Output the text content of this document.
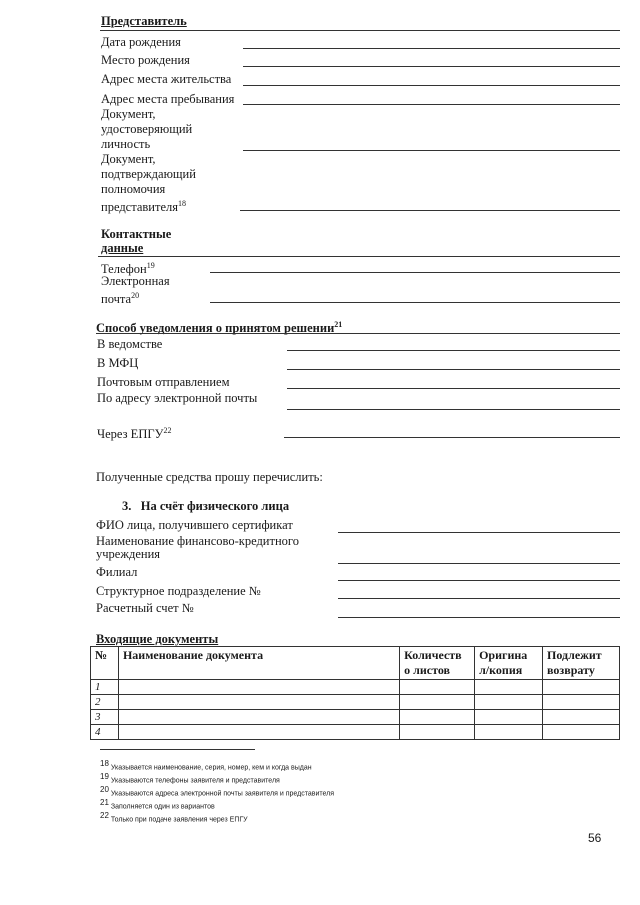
Представитель
Дата рождения
Место рождения
Адрес места жительства
Адрес места пребывания
Документ,
удостоверяющий
личность
Документ,
подтверждающий
полномочия
представителя$^{18}$
Контактные
данные
Телефон$^{19}$
Электронная
почта$^{20}$
Способ уведомления о принятом решении$^{21}$
В ведомстве
В МФЦ
Почтовым отправлением
По адресу электронной почты
Через ЕПГУ$^{22}$
Полученные средства прошу перечислить:
3. На счёт физического лица
ФИО лица, получившего сертификат
Наименование финансово-кредитного
учреждения
Филиал
Структурное подразделение №
Расчетный счет №
Входящие документы
№	Наименование документа	Количеств о листов	Оригина л/копия	Подлежит возврату
1				
2				
3				
4				
$^{18}$ Указывается наименование, серия, номер, кем и когда выдан
$^{19}$ Указываются телефоны заявителя и представителя
$^{20}$ Указываются адреса электронной почты заявителя и представителя
$^{21}$ Заполняется один из вариантов
$^{22}$ Только при подаче заявления через ЕПГУ
56
